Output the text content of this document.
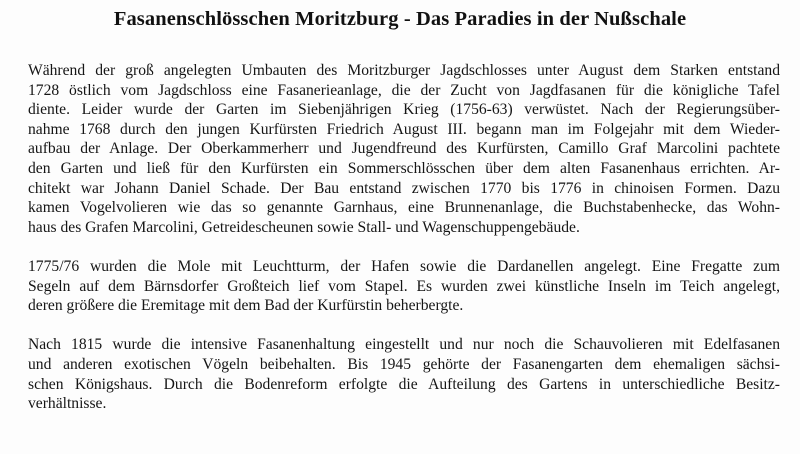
Fasanenschlösschen Moritzburg - Das Paradies in der Nußschale

Während der groß angelegten Umbauten des Moritzburger Jagdschlosses unter August dem Starken entstand
1728 östlich vom Jagdschloss eine Fasanerieanlage, die der Zucht von Jagdfasanen für die königliche Tafel
diente. Leider wurde der Garten im Siebenjährigen Krieg (1756-63) verwüstet. Nach der Regierungsüber-
nahme 1768 durch den jungen Kurfürsten Friedrich August III. begann man im Folgejahr mit dem Wieder-
aufbau der Anlage. Der Oberkammerherr und Jugendfreund des Kurfürsten, Camillo Graf Marcolini pachtete
den Garten und ließ für den Kurfürsten ein Sommerschlösschen über dem alten Fasanenhaus errichten. Ar-
chitekt war Johann Daniel Schade. Der Bau entstand zwischen 1770 bis 1776 in chinoisen Formen. Dazu
kamen Vogelvolieren wie das so genannte Garnhaus, eine Brunnenanlage, die Buchstabenhecke, das Wohn-
haus des Grafen Marcolini, Getreidescheunen sowie Stall- und Wagenschuppengebäude.

1775/76 wurden die Mole mit Leuchtturm, der Hafen sowie die Dardanellen angelegt. Eine Fregatte zum
Segeln auf dem Bärnsdorfer Großteich lief vom Stapel. Es wurden zwei künstliche Inseln im Teich angelegt,
deren größere die Eremitage mit dem Bad der Kurfürstin beherbergte.

Nach 1815 wurde die intensive Fasanenhaltung eingestellt und nur noch die Schauvolieren mit Edelfasanen
und anderen exotischen Vögeln beibehalten. Bis 1945 gehörte der Fasanengarten dem ehemaligen sächsi-
schen Königshaus. Durch die Bodenreform erfolgte die Aufteilung des Gartens in unterschiedliche Besitz-
verhältnisse.
